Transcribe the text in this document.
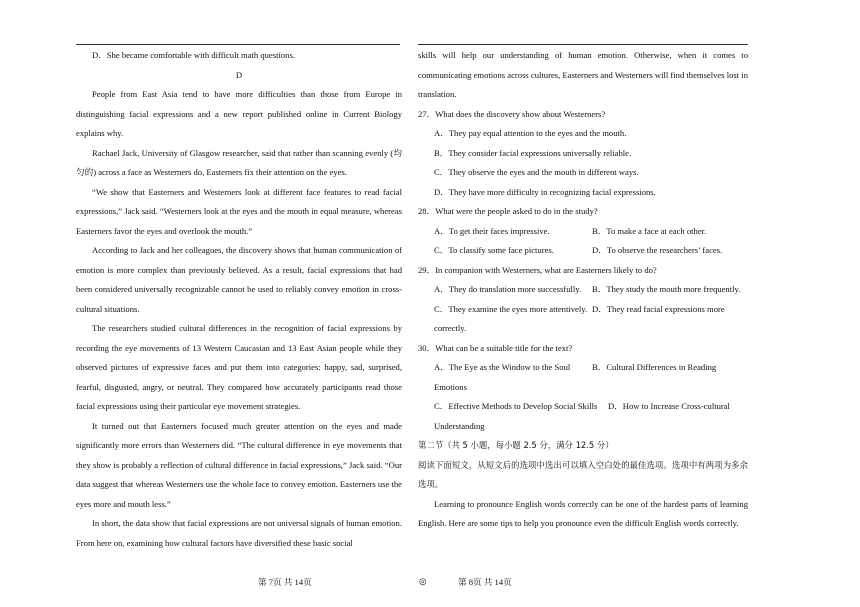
D．She became comfortable with difficult math questions.

D

People from East Asia tend to have more difficulties than those from Europe in distinguishing facial expressions and a new report published online in Current Biology explains why.

Rachael Jack, University of Glasgow researcher, said that rather than scanning evenly (均匀的) across a face as Westerners do, Easterners fix their attention on the eyes.

“We show that Easterners and Westerners look at different face features to read facial expressions,” Jack said. “Westerners look at the eyes and the mouth in equal measure, whereas Easterners favor the eyes and overlook the mouth.”

According to Jack and her colleagues, the discovery shows that human communication of emotion is more complex than previously believed. As a result, facial expressions that had been considered universally recognizable cannot be used to reliably convey emotion in cross-cultural situations.

The researchers studied cultural differences in the recognition of facial expressions by recording the eye movements of 13 Western Caucasian and 13 East Asian people while they observed pictures of expressive faces and put them into categories: happy, sad, surprised, fearful, disgusted, angry, or neutral. They compared how accurately participants read those facial expressions using their particular eye movement strategies.

It turned out that Easterners focused much greater attention on the eyes and made significantly more errors than Westerners did. “The cultural difference in eye movements that they show is probably a reflection of cultural difference in facial expressions,” Jack said. “Our data suggest that whereas Westerners use the whole face to convey emotion. Easterners use the eyes more and mouth less.”

In short, the data show that facial expressions are not universal signals of human emotion. From here on, examining how cultural factors have diversified these basic social

skills will help our understanding of human emotion. Otherwise, when it comes to communicating emotions across cultures, Easterners and Westerners will find themselves lost in translation.

27．What does the discovery show about Westerners?

A．They pay equal attention to the eyes and the mouth.

B．They consider facial expressions universally reliable.

C．They observe the eyes and the mouth in different ways.

D．They have more difficulty in recognizing facial expressions.

28．What were the people asked to do in the study?

A．To get their faces impressive.	B．To make a face at each other.
C．To classify some face pictures.	D．To observe the researchers’ faces.

29．In companion with Westerners, what are Easterners likely to do?

A．They do translation more successfully.	B．They study the mouth more frequently.
C．They examine the eyes more attentively. D．They read facial expressions more

correctly.

30．What can be a suitable title for the text?

A．The Eye as the Window to the Soul	B．Cultural Differences in Reading

Emotions

C．Effective Methods to Develop Social Skills	D．How to Increase Cross-cultural

Understanding

第二节（共 5 小题，每小题 2.5 分，满分 12.5 分）

阅读下面短文，从短文后的选项中选出可以填入空白处的最佳选项。选项中有两项为多余选项。

Learning to pronounce English words correctly can be one of the hardest parts of learning English. Here are some tips to help you pronounce even the difficult English words correctly.

第 7页 共 14页	◎	第 8页 共 14页
